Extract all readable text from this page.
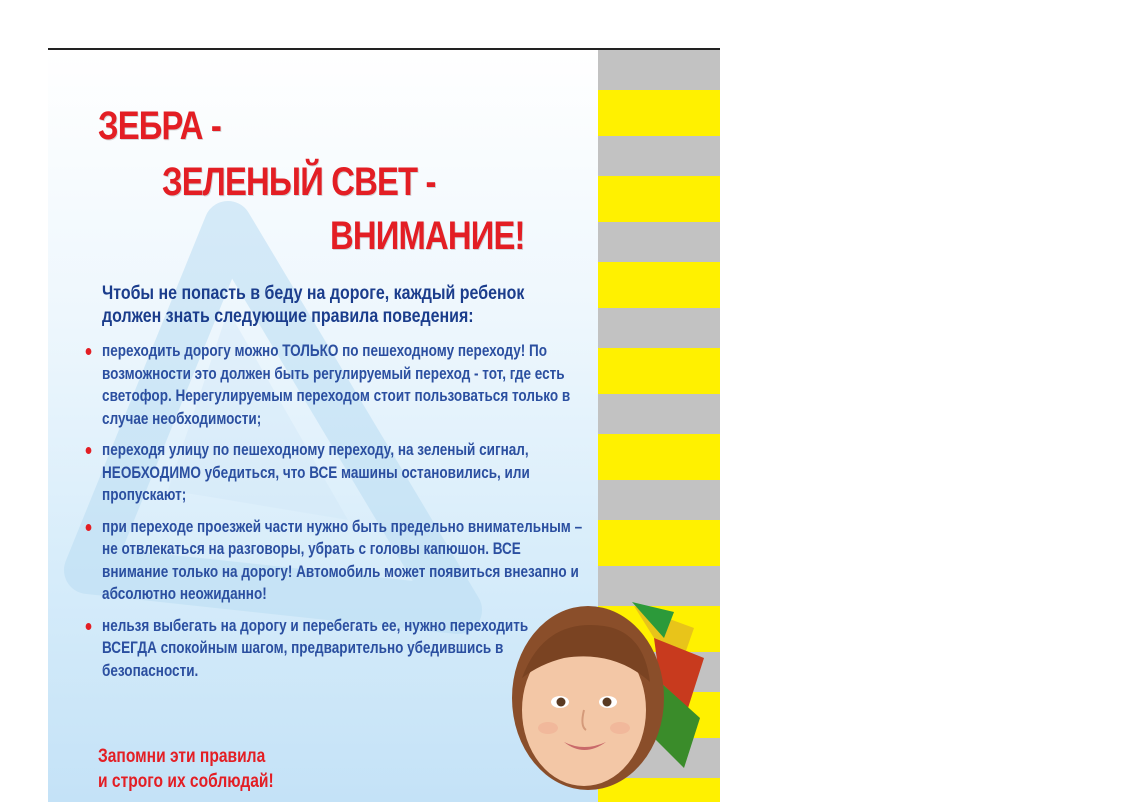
ЗЕБРА -
ЗЕЛЕНЫЙ СВЕТ -
ВНИМАНИЕ!
Чтобы не попасть в беду на дороге, каждый ребенок должен знать следующие правила поведения:
переходить дорогу можно ТОЛЬКО по пешеходному переходу! По возможности это должен быть регулируемый переход - тот, где есть светофор. Нерегулируемым переходом стоит пользоваться только в случае необходимости;
переходя улицу по пешеходному переходу, на зеленый сигнал, НЕОБХОДИМО убедиться, что ВСЕ машины остановились, или пропускают;
при переходе проезжей части нужно быть предельно внимательным – не отвлекаться на разговоры, убрать с головы капюшон. ВСЕ внимание только на дорогу! Автомобиль может появиться внезапно и абсолютно неожиданно!
нельзя выбегать на дорогу и перебегать ее, нужно переходить ВСЕГДА спокойным шагом, предварительно убедившись в безопасности.
Запомни эти правила
и строго их соблюдай!
